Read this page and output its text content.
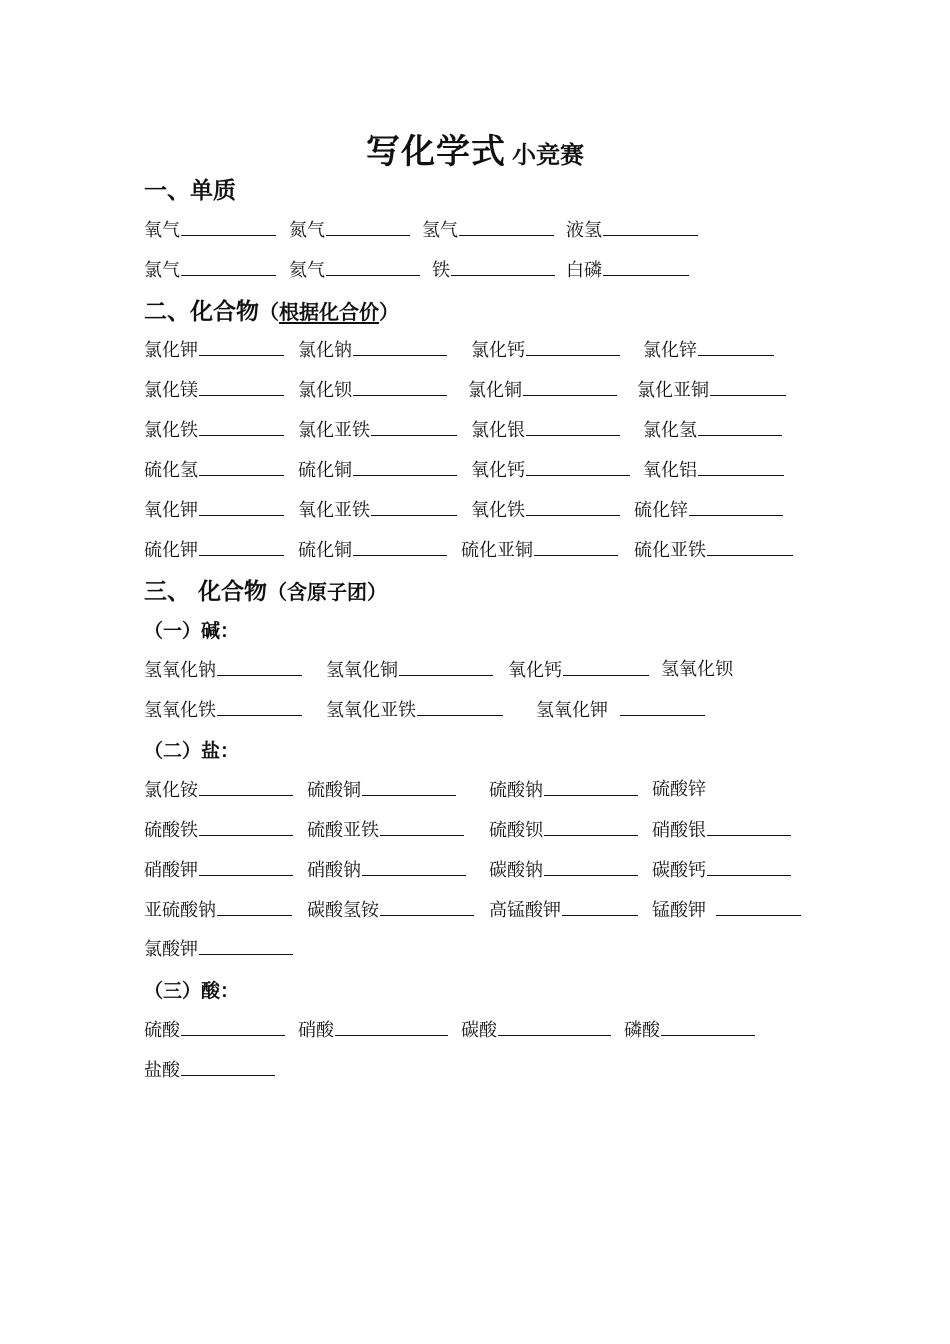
写化学式 小竞赛
一、单质
氧气	氮气	氢气	液氢
氯气	氦气	铁	白磷
二、化合物（根据化合价）
氯化钾	氯化钠	氯化钙	氯化锌
氯化镁	氯化钡	氯化铜	氯化亚铜
氯化铁	氯化亚铁	氯化银	氯化氢
硫化氢	硫化铜	氧化钙	氧化铝
氧化钾	氧化亚铁	氧化铁	硫化锌
硫化钾	硫化铜	硫化亚铜	硫化亚铁
三、 化合物（含原子团）
（一）碱：
氢氧化钠	氢氧化铜	氧化钙	氢氧化钡
氢氧化铁	氢氧化亚铁	氢氧化钾
（二）盐：
氯化铵	硫酸铜	硫酸钠	硫酸锌
硫酸铁	硫酸亚铁	硫酸钡	硝酸银
硝酸钾	硝酸钠	碳酸钠	碳酸钙
亚硫酸钠	碳酸氢铵	高锰酸钾	锰酸钾
氯酸钾
（三）酸：
硫酸	硝酸	碳酸	磷酸
盐酸
